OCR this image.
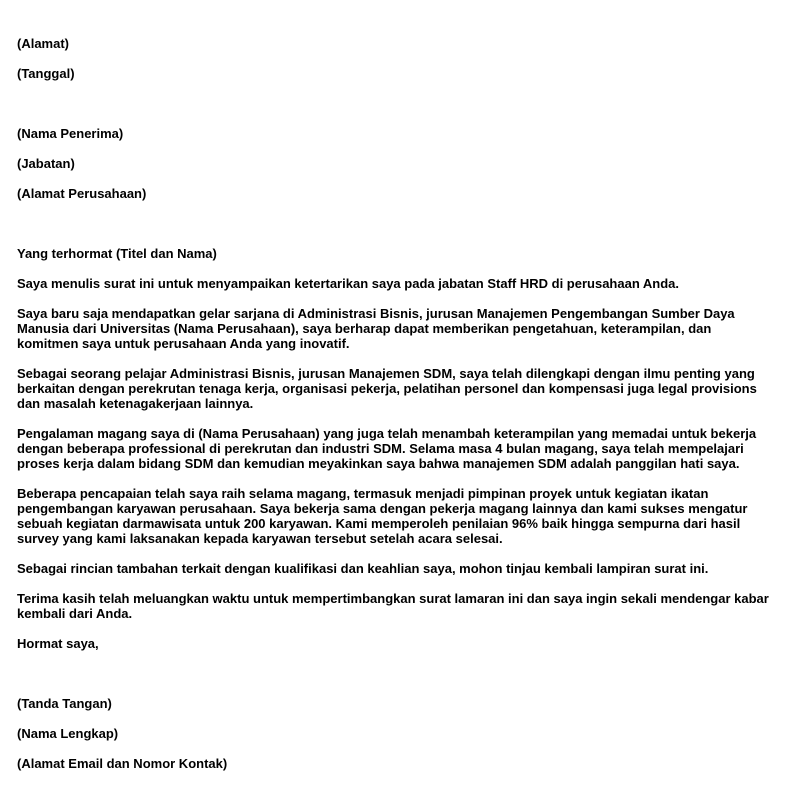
(Alamat)
(Tanggal)
(Nama Penerima)
(Jabatan)
(Alamat Perusahaan)
Yang terhormat (Titel dan Nama)
Saya menulis surat ini untuk menyampaikan ketertarikan saya pada jabatan Staff HRD di perusahaan Anda.
Saya baru saja mendapatkan gelar sarjana di Administrasi Bisnis, jurusan Manajemen Pengembangan Sumber Daya
Manusia dari Universitas (Nama Perusahaan), saya berharap dapat memberikan pengetahuan, keterampilan, dan
komitmen saya untuk perusahaan Anda yang inovatif.
Sebagai seorang pelajar Administrasi Bisnis, jurusan Manajemen SDM, saya telah dilengkapi dengan ilmu penting yang
berkaitan dengan perekrutan tenaga kerja, organisasi pekerja, pelatihan personel dan kompensasi juga legal provisions
dan masalah ketenagakerjaan lainnya.
Pengalaman magang saya di (Nama Perusahaan) yang juga telah menambah keterampilan yang memadai untuk bekerja
dengan beberapa professional di perekrutan dan industri SDM. Selama masa 4 bulan magang, saya telah mempelajari
proses kerja dalam bidang SDM dan kemudian meyakinkan saya bahwa manajemen SDM adalah panggilan hati saya.
Beberapa pencapaian telah saya raih selama magang, termasuk menjadi pimpinan proyek untuk kegiatan ikatan
pengembangan karyawan perusahaan. Saya bekerja sama dengan pekerja magang lainnya dan kami sukses mengatur
sebuah kegiatan darmawisata untuk 200 karyawan. Kami memperoleh penilaian 96% baik hingga sempurna dari hasil
survey yang kami laksanakan kepada karyawan tersebut setelah acara selesai.
Sebagai rincian tambahan terkait dengan kualifikasi dan keahlian saya, mohon tinjau kembali lampiran surat ini.
Terima kasih telah meluangkan waktu untuk mempertimbangkan surat lamaran ini dan saya ingin sekali mendengar kabar
kembali dari Anda.
Hormat saya,
(Tanda Tangan)
(Nama Lengkap)
(Alamat Email dan Nomor Kontak)
